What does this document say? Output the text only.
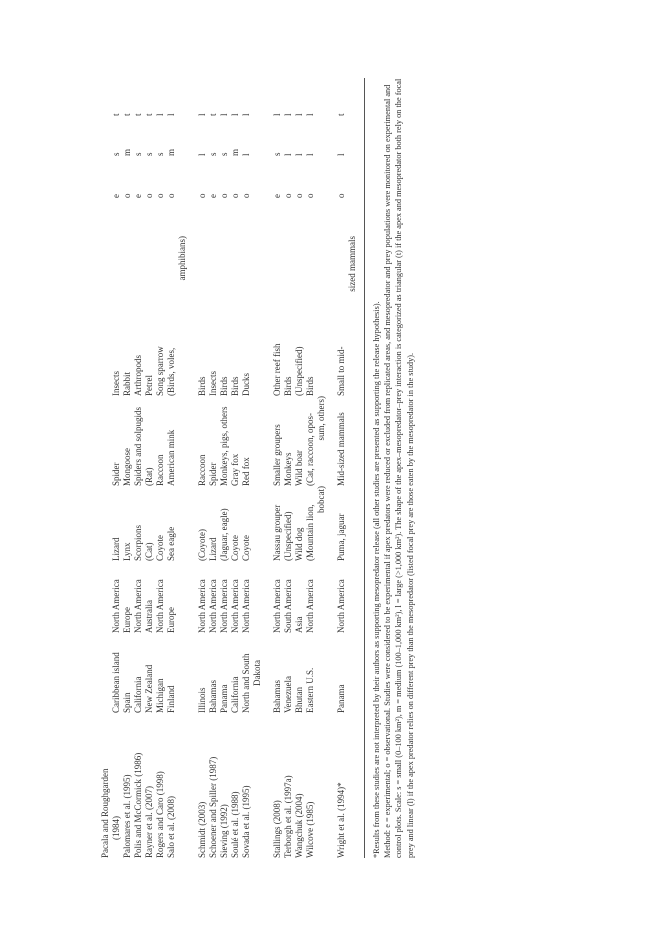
Pacala and Roughgarden									
(1984)	Caribbean island	North America	Lizard	Spider	Insects		e	s	t
Palomares et al. (1995)	Spain	Europe	Lynx	Mongoose	Rabbit		o	m	t
Polis and McCormick (1986)	California	North America	Scorpions	Spiders and solpugids	Arthropods		e	s	t
Rayner et al. (2007)	New Zealand	Australia	(Cat)	(Rat)	Petrel		o	s	t
Rogers and Caro (1998)	Michigan	North America	Coyote	Raccoon	Song sparrow		o	s	l
Salo et al. (2008)	Finland	Europe	Sea eagle	American mink	(Birds, voles,		o	m	l
					amphibians)				

Schmidt (2003)	Illinois	North America	(Coyote)	Raccoon	Birds		o	l	l
Schoener and Spiller (1987)	Bahamas	North America	Lizard	Spider	Insects		e	s	t
Sieving (1992)	Panama	North America	(Jaguar, eagle)	Monkeys, pigs, others	Birds		o	s	l
Soulé et al. (1988)	California	North America	Coyote	Gray fox	Birds		o	m	l
Sovada et al. (1995)	North and South	North America	Coyote	Red fox	Ducks		o	l	l
	Dakota								

Stallings (2008)	Bahamas	North America	Nassau grouper	Smaller groupers	Other reef fish		e	s	l
Terborgh et al. (1997a)	Venezuela	South America	(Unspecified)	Monkeys	Birds		o	l	l
Wangchuk (2004)	Bhutan	Asia	Wild dog	Wild boar	(Unspecified)		o	l	l
Wilcove (1985)	Eastern U.S.	North America	(Mountain lion,	(Cat, raccoon, opos-	Birds		o	l	l
			bobcat)	sum, others)					

Wright et al. (1994)*	Panama	North America	Puma, jaguar	Mid-sized mammals	Small to mid-		o	l	t
					sized mammals				

*Results from these studies are not interpreted by their authors as supporting mesopredator release (all other studies are presented as supporting the release hypothesis). Method: e = experimental; o = observational. Studies were considered to be experimental if apex predators were reduced or excluded from replicated areas, and mesopredator and prey populations were monitored on experimental and control plots. Scale: s = small (0–100 km²), m = medium (100–1,000 km²), l = large (>1,000 km²). The shape of the apex–mesopredator–prey interaction is categorized as triangular (t) if the apex and mesopredator both rely on the focal prey and linear (l) if the apex predator relies on different prey than the mesopredator (listed focal prey are those eaten by the mesopredator in the study).
